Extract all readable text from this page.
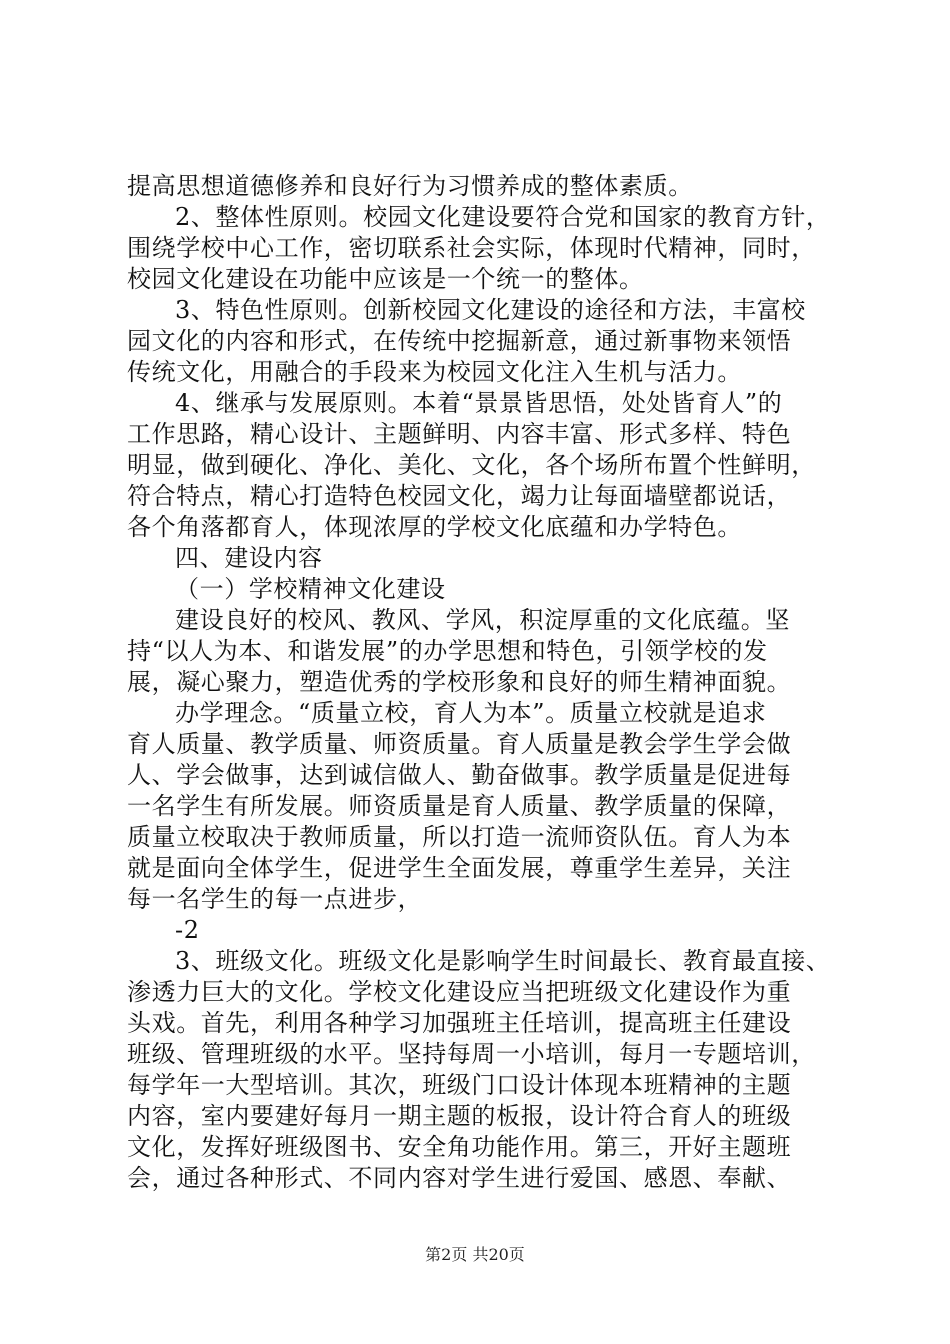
提高思想道德修养和良好行为习惯养成的整体素质。
2、整体性原则。校园文化建设要符合党和国家的教育方针，
围绕学校中心工作，密切联系社会实际，体现时代精神，同时，
校园文化建设在功能中应该是一个统一的整体。
3、特色性原则。创新校园文化建设的途径和方法，丰富校
园文化的内容和形式，在传统中挖掘新意，通过新事物来领悟
传统文化，用融合的手段来为校园文化注入生机与活力。
4、继承与发展原则。本着“景景皆思悟，处处皆育人”的
工作思路，精心设计、主题鲜明、内容丰富、形式多样、特色
明显，做到硬化、净化、美化、文化，各个场所布置个性鲜明，
符合特点，精心打造特色校园文化，竭力让每面墙壁都说话，
各个角落都育人，体现浓厚的学校文化底蕴和办学特色。
四、建设内容
（一）学校精神文化建设
建设良好的校风、教风、学风，积淀厚重的文化底蕴。坚
持“以人为本、和谐发展”的办学思想和特色，引领学校的发
展，凝心聚力，塑造优秀的学校形象和良好的师生精神面貌。
办学理念。“质量立校，育人为本”。质量立校就是追求
育人质量、教学质量、师资质量。育人质量是教会学生学会做
人、学会做事，达到诚信做人、勤奋做事。教学质量是促进每
一名学生有所发展。师资质量是育人质量、教学质量的保障，
质量立校取决于教师质量，所以打造一流师资队伍。育人为本
就是面向全体学生，促进学生全面发展，尊重学生差异，关注
每一名学生的每一点进步，
-2
3、班级文化。班级文化是影响学生时间最长、教育最直接、
渗透力巨大的文化。学校文化建设应当把班级文化建设作为重
头戏。首先，利用各种学习加强班主任培训，提高班主任建设
班级、管理班级的水平。坚持每周一小培训，每月一专题培训，
每学年一大型培训。其次，班级门口设计体现本班精神的主题
内容，室内要建好每月一期主题的板报，设计符合育人的班级
文化，发挥好班级图书、安全角功能作用。第三，开好主题班
会，通过各种形式、不同内容对学生进行爱国、感恩、奉献、
第2页 共20页
